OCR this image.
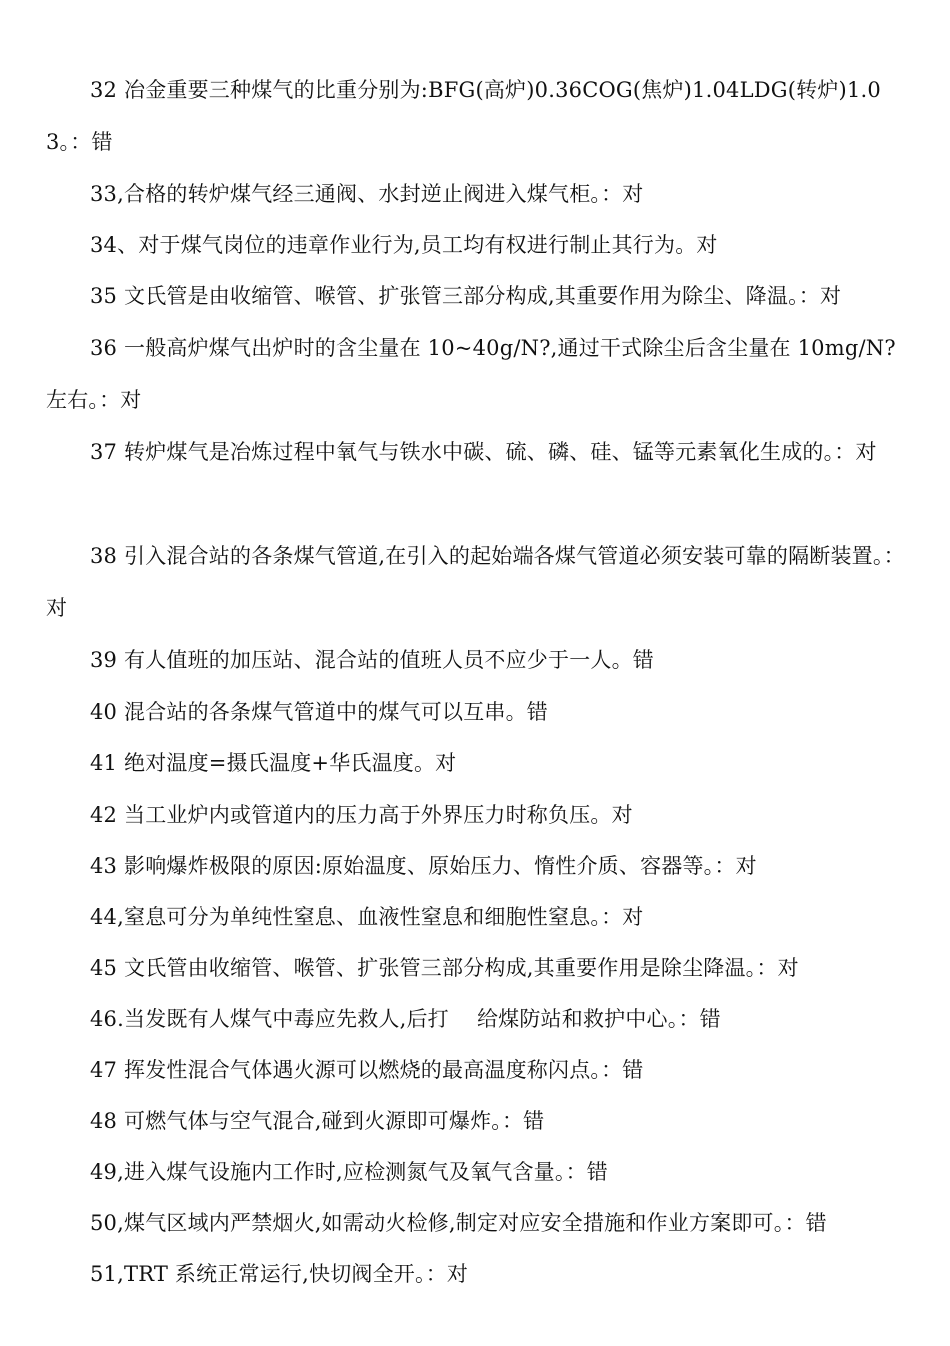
32 冶金重要三种煤气的比重分别为:BFG(高炉)0.36COG(焦炉)1.04LDG(转炉)1.03。：错

33,合格的转炉煤气经三通阀、水封逆止阀进入煤气柜。：对

34、对于煤气岗位的违章作业行为,员工均有权进行制止其行为。对

35 文氏管是由收缩管、喉管、扩张管三部分构成,其重要作用为除尘、降温。：对

36 一般高炉煤气出炉时的含尘量在 10~40g/N?,通过干式除尘后含尘量在 10mg/N?左右。：对

37 转炉煤气是冶炼过程中氧气与铁水中碳、硫、磷、硅、锰等元素氧化生成的。：对

38 引入混合站的各条煤气管道,在引入的起始端各煤气管道必须安装可靠的隔断装置。：对

39 有人值班的加压站、混合站的值班人员不应少于一人。错

40 混合站的各条煤气管道中的煤气可以互串。错

41 绝对温度=摄氏温度+华氏温度。对

42 当工业炉内或管道内的压力高于外界压力时称负压。对

43 影响爆炸极限的原因:原始温度、原始压力、惰性介质、容器等。：对

44,窒息可分为单纯性窒息、血液性窒息和细胞性窒息。：对

45 文氏管由收缩管、喉管、扩张管三部分构成,其重要作用是除尘降温。：对

46.当发既有人煤气中毒应先救人,后打　 给煤防站和救护中心。：错

47 挥发性混合气体遇火源可以燃烧的最高温度称闪点。：错

48 可燃气体与空气混合,碰到火源即可爆炸。：错

49,进入煤气设施内工作时,应检测氮气及氧气含量。：错

50,煤气区域内严禁烟火,如需动火检修,制定对应安全措施和作业方案即可。：错

51,TRT 系统正常运行,快切阀全开。：对
